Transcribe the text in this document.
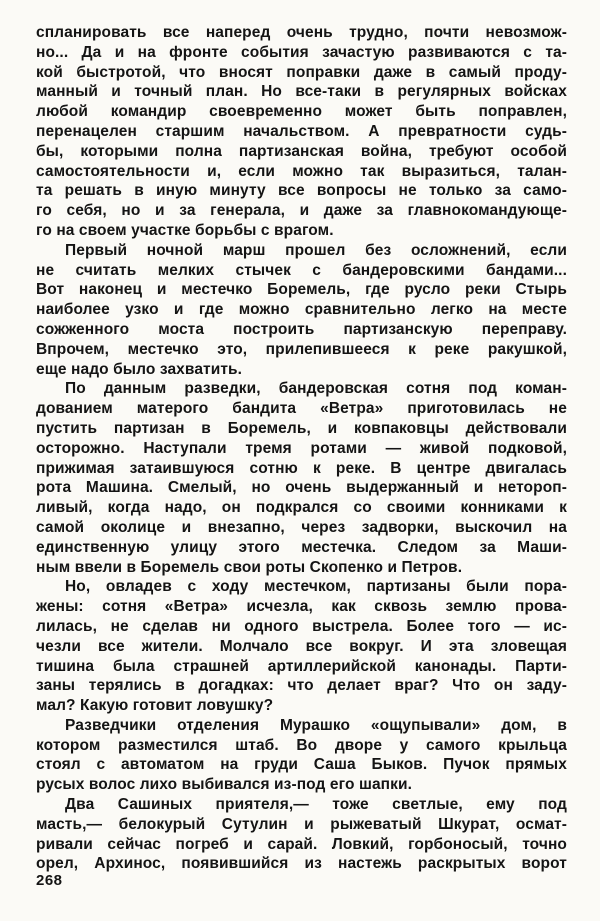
спланировать все наперед очень трудно, почти невозмож-
но... Да и на фронте события зачастую развиваются с та-
кой быстротой, что вносят поправки даже в самый проду-
манный и точный план. Но все-таки в регулярных войсках
любой командир своевременно может быть поправлен,
перенацелен старшим начальством. А превратности судь-
бы, которыми полна партизанская война, требуют особой
самостоятельности и, если можно так выразиться, талан-
та решать в иную минуту все вопросы не только за само-
го себя, но и за генерала, и даже за главнокомандующе-
го на своем участке борьбы с врагом.
Первый ночной марш прошел без осложнений, если
не считать мелких стычек с бандеровскими бандами...
Вот наконец и местечко Боремель, где русло реки Стырь
наиболее узко и где можно сравнительно легко на месте
сожженного моста построить партизанскую переправу.
Впрочем, местечко это, прилепившееся к реке ракушкой,
еще надо было захватить.
По данным разведки, бандеровская сотня под коман-
дованием матерого бандита «Ветра» приготовилась не
пустить партизан в Боремель, и ковпаковцы действовали
осторожно. Наступали тремя ротами — живой подковой,
прижимая затаившуюся сотню к реке. В центре двигалась
рота Машина. Смелый, но очень выдержанный и нетороп-
ливый, когда надо, он подкрался со своими конниками к
самой околице и внезапно, через задворки, выскочил на
единственную улицу этого местечка. Следом за Маши-
ным ввели в Боремель свои роты Скопенко и Петров.
Но, овладев с ходу местечком, партизаны были пора-
жены: сотня «Ветра» исчезла, как сквозь землю прова-
лилась, не сделав ни одного выстрела. Более того — ис-
чезли все жители. Молчало все вокруг. И эта зловещая
тишина была страшней артиллерийской канонады. Парти-
заны терялись в догадках: что делает враг? Что он заду-
мал? Какую готовит ловушку?
Разведчики отделения Мурашко «ощупывали» дом, в
котором разместился штаб. Во дворе у самого крыльца
стоял с автоматом на груди Саша Быков. Пучок прямых
русых волос лихо выбивался из-под его шапки.
Два Сашиных приятеля,— тоже светлые, ему под
масть,— белокурый Сутулин и рыжеватый Шкурат, осмат-
ривали сейчас погреб и сарай. Ловкий, горбоносый, точно
орел, Архинос, появившийся из настежь раскрытых ворот
268
